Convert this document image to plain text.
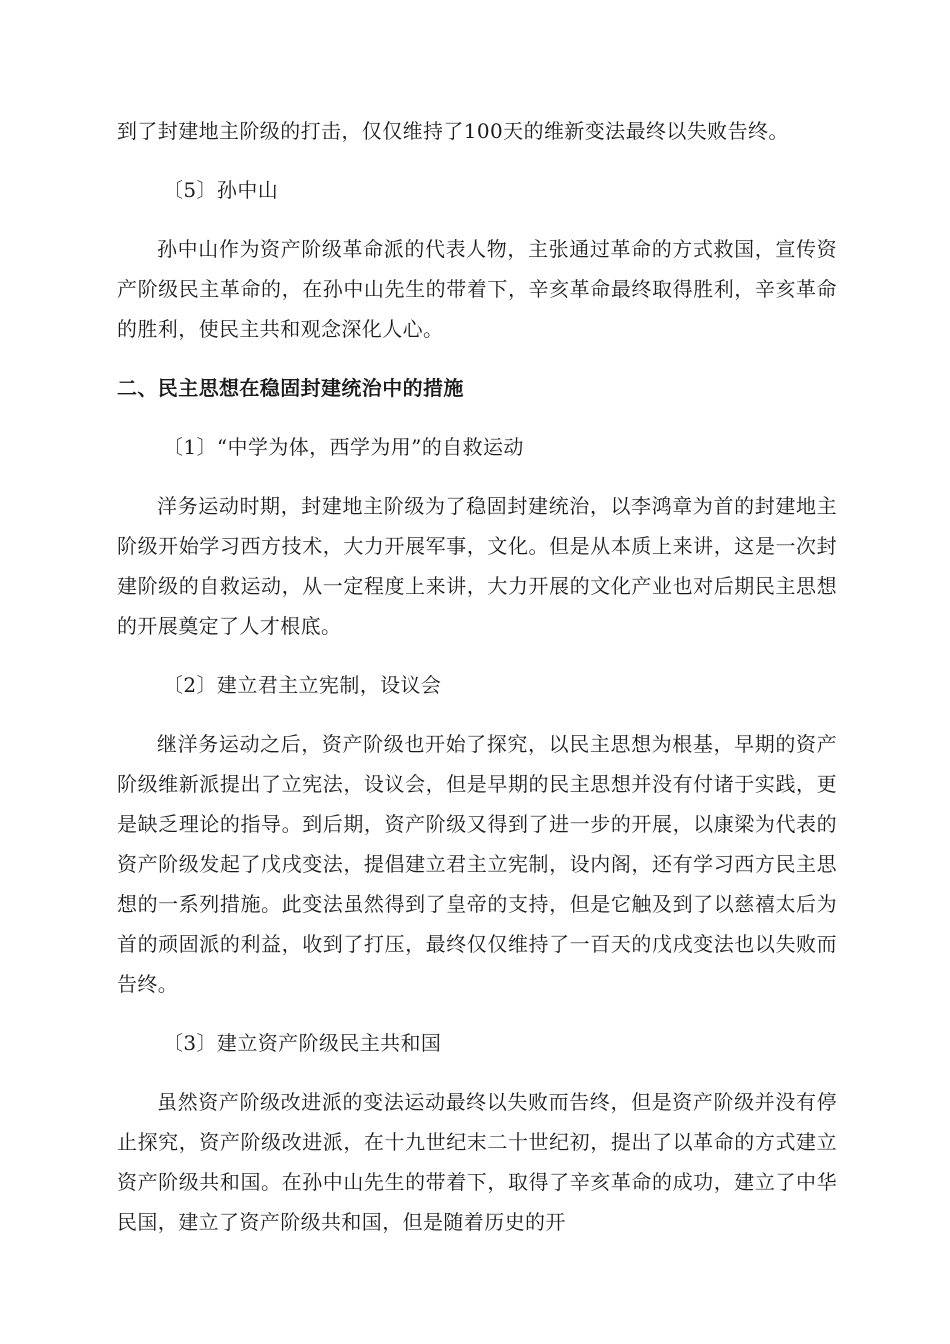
到了封建地主阶级的打击，仅仅维持了100天的维新变法最终以失败告终。

〔5〕孙中山

孙中山作为资产阶级革命派的代表人物，主张通过革命的方式救国，宣传资产阶级民主革命的，在孙中山先生的带着下，辛亥革命最终取得胜利，辛亥革命的胜利，使民主共和观念深化人心。

二、民主思想在稳固封建统治中的措施

〔1〕“中学为体，西学为用”的自救运动

洋务运动时期，封建地主阶级为了稳固封建统治，以李鸿章为首的封建地主阶级开始学习西方技术，大力开展军事，文化。但是从本质上来讲，这是一次封建阶级的自救运动，从一定程度上来讲，大力开展的文化产业也对后期民主思想的开展奠定了人才根底。

〔2〕建立君主立宪制，设议会

继洋务运动之后，资产阶级也开始了探究，以民主思想为根基，早期的资产阶级维新派提出了立宪法，设议会，但是早期的民主思想并没有付诸于实践，更是缺乏理论的指导。到后期，资产阶级又得到了进一步的开展，以康梁为代表的资产阶级发起了戊戌变法，提倡建立君主立宪制，设内阁，还有学习西方民主思想的一系列措施。此变法虽然得到了皇帝的支持，但是它触及到了以慈禧太后为首的顽固派的利益，收到了打压，最终仅仅维持了一百天的戊戌变法也以失败而告终。

〔3〕建立资产阶级民主共和国

虽然资产阶级改进派的变法运动最终以失败而告终，但是资产阶级并没有停止探究，资产阶级改进派，在十九世纪末二十世纪初，提出了以革命的方式建立资产阶级共和国。在孙中山先生的带着下，取得了辛亥革命的成功，建立了中华民国，建立了资产阶级共和国，但是随着历史的开
